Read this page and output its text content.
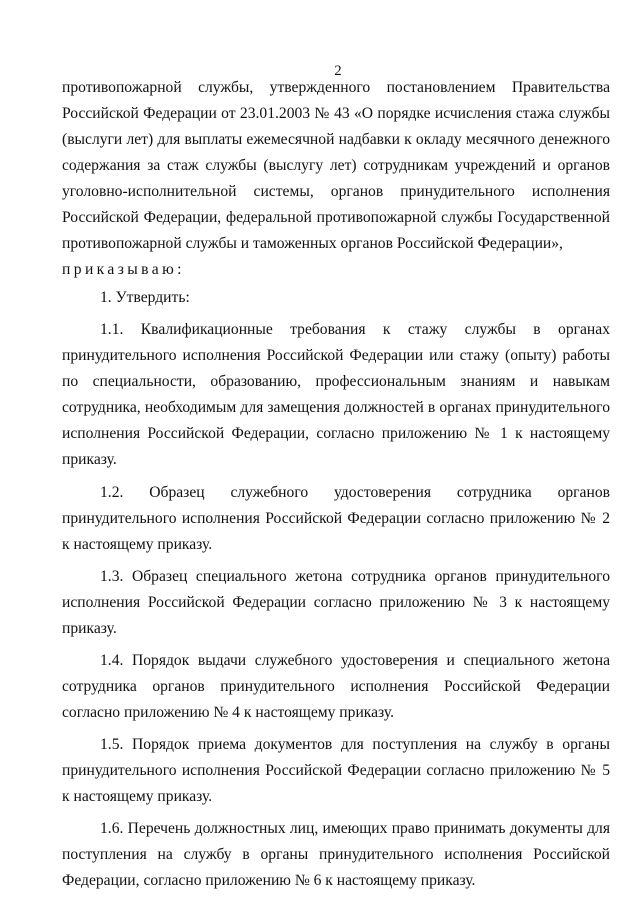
2

противопожарной службы, утвержденного постановлением Правительства Российской Федерации от 23.01.2003 № 43 «О порядке исчисления стажа службы (выслуги лет) для выплаты ежемесячной надбавки к окладу месячного денежного содержания за стаж службы (выслугу лет) сотрудникам учреждений и органов уголовно-исполнительной системы, органов принудительного исполнения Российской Федерации, федеральной противопожарной службы Государственной противопожарной службы и таможенных органов Российской Федерации»,

приказываю:

1. Утвердить:

1.1. Квалификационные требования к стажу службы в органах принудительного исполнения Российской Федерации или стажу (опыту) работы по специальности, образованию, профессиональным знаниям и навыкам сотрудника, необходимым для замещения должностей в органах принудительного исполнения Российской Федерации, согласно приложению № 1 к настоящему приказу.

1.2. Образец служебного удостоверения сотрудника органов принудительного исполнения Российской Федерации согласно приложению № 2 к настоящему приказу.

1.3. Образец специального жетона сотрудника органов принудительного исполнения Российской Федерации согласно приложению № 3 к настоящему приказу.

1.4. Порядок выдачи служебного удостоверения и специального жетона сотрудника органов принудительного исполнения Российской Федерации согласно приложению № 4 к настоящему приказу.

1.5. Порядок приема документов для поступления на службу в органы принудительного исполнения Российской Федерации согласно приложению № 5 к настоящему приказу.

1.6. Перечень должностных лиц, имеющих право принимать документы для поступления на службу в органы принудительного исполнения Российской Федерации, согласно приложению № 6 к настоящему приказу.
